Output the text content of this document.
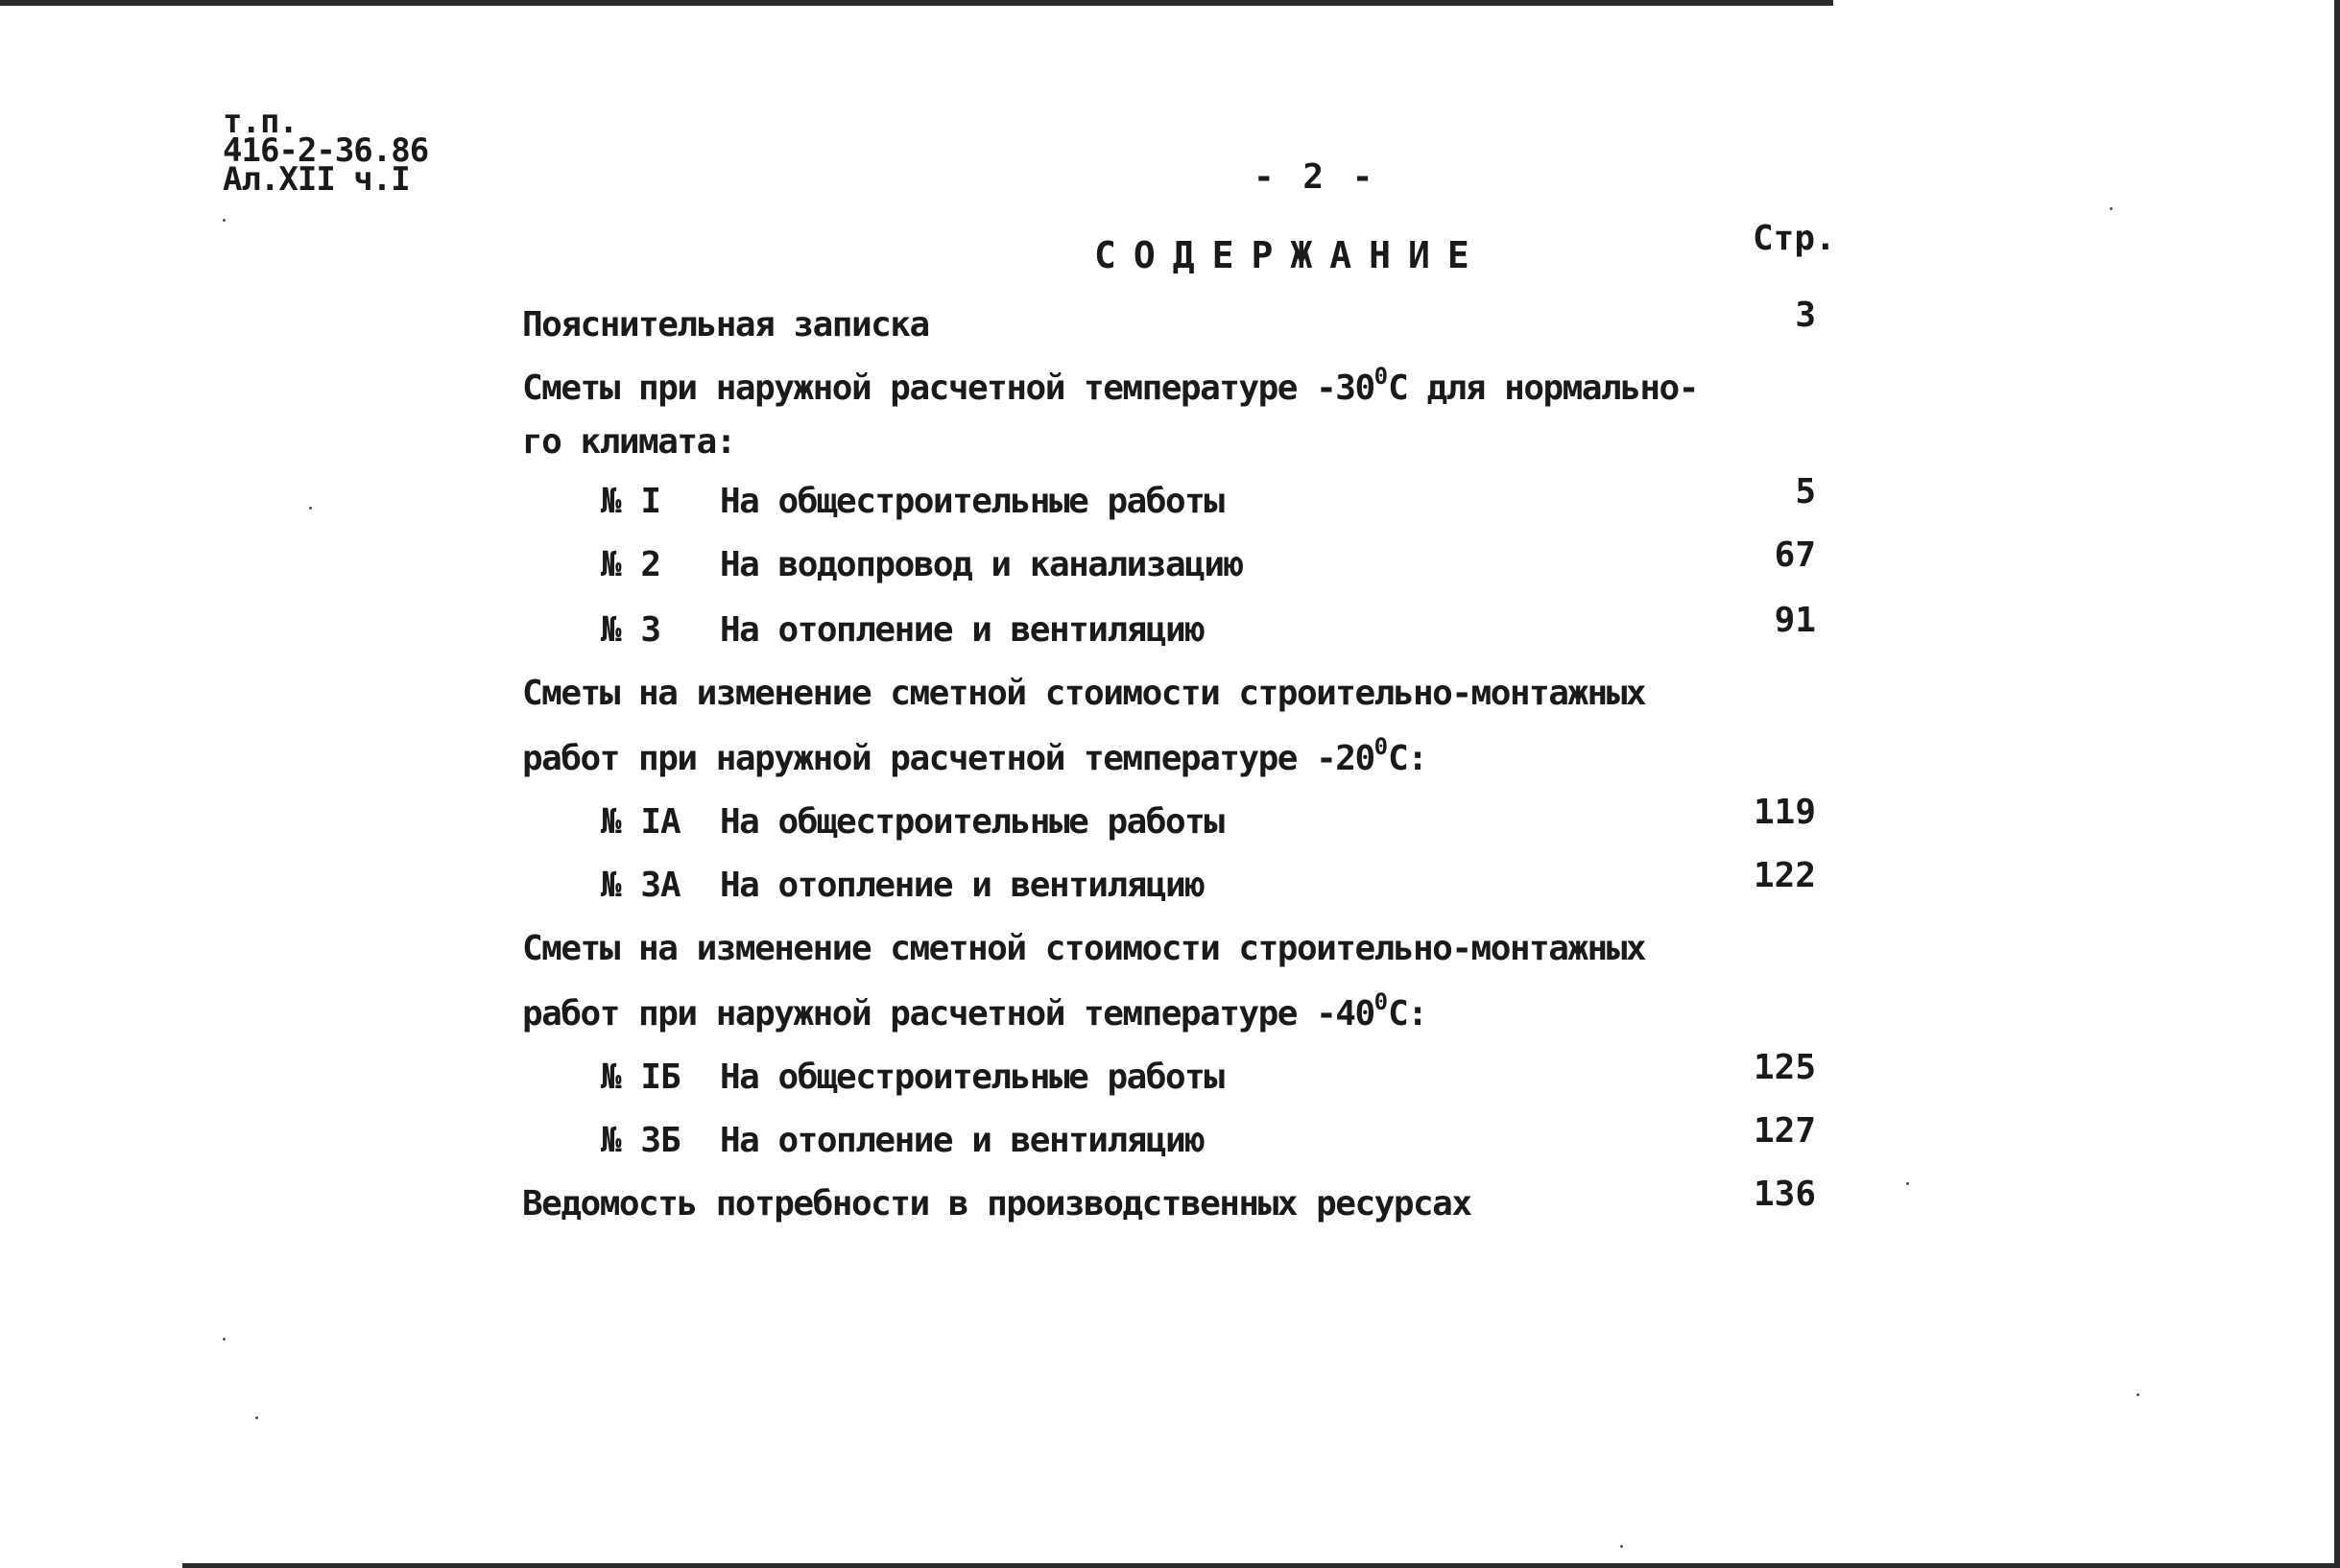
т.п.
416-2-36.86
Ал.XII ч.I	- 2 -
СОДЕРЖАНИЕ	Стр.
Пояснительная записка	3
Сметы при наружной расчетной температуре $-30^0С$ для нормально-
го климата:
№ I На общестроительные работы	5
№ 2 На водопровод и канализацию	67
№ 3 На отопление и вентиляцию	91
Сметы на изменение сметной стоимости строительно-монтажных
работ при наружной расчетной температуре $-20^0С$:
№ IА На общестроительные работы	119
№ 3А На отопление и вентиляцию	122
Сметы на изменение сметной стоимости строительно-монтажных
работ при наружной расчетной температуре $-40^0С$:
№ IБ На общестроительные работы	125
№ 3Б На отопление и вентиляцию	127
Ведомость потребности в производственных ресурсах	136
